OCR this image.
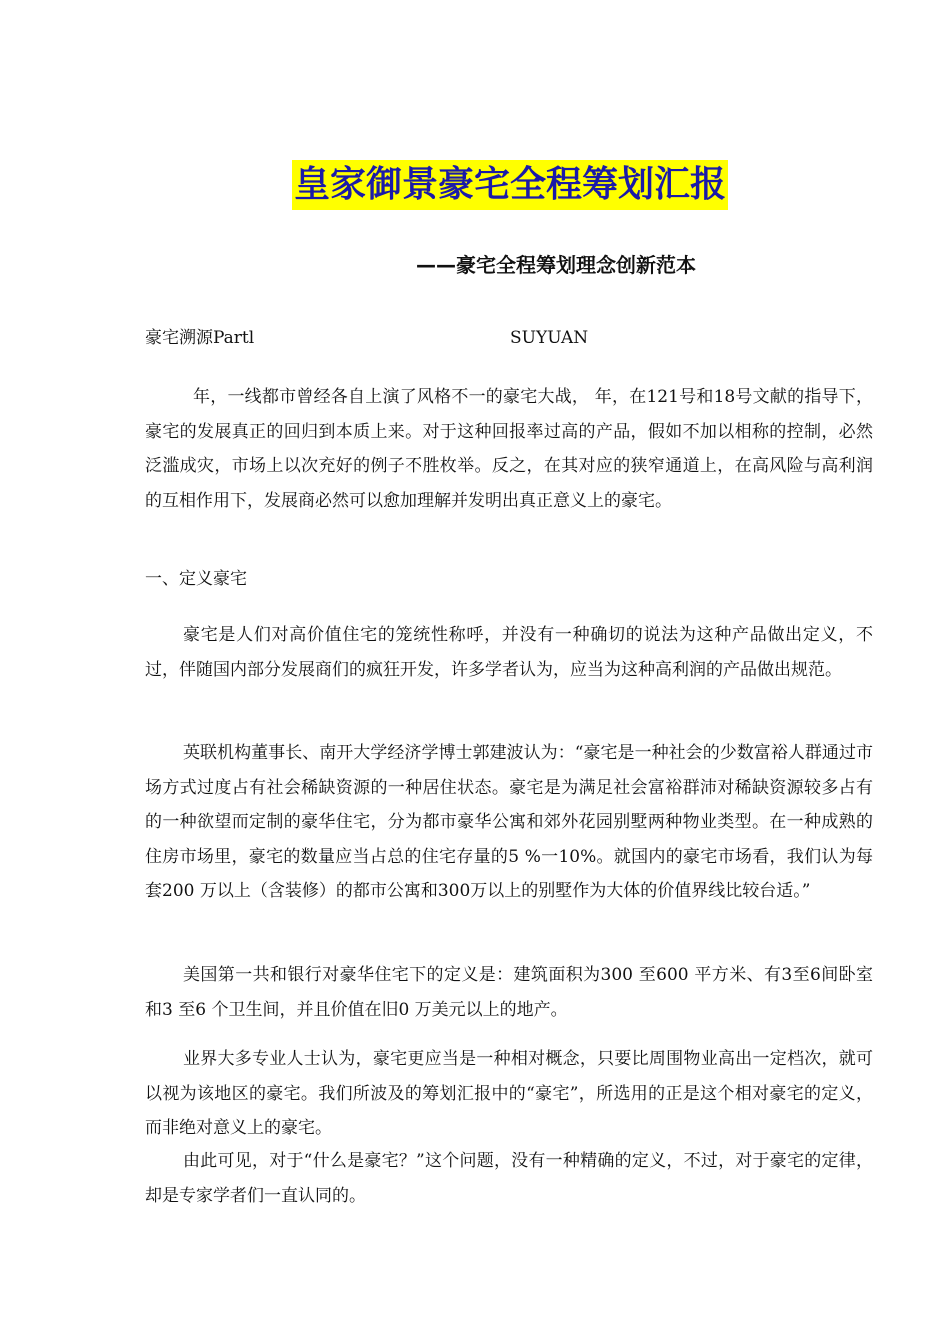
皇家御景豪宅全程筹划汇报
——豪宅全程筹划理念创新范本
豪宅溯源Partl	SUYUAN
年，一线都市曾经各自上演了风格不一的豪宅大战， 年，在121号和18号文献的指导下，豪宅的发展真正的回归到本质上来。对于这种回报率过高的产品，假如不加以相称的控制，必然泛滥成灾，市场上以次充好的例子不胜枚举。反之，在其对应的狭窄通道上，在高风险与高利润的互相作用下，发展商必然可以愈加理解并发明出真正意义上的豪宅。
一、定义豪宅
豪宅是人们对高价值住宅的笼统性称呼，并没有一种确切的说法为这种产品做出定义，不过，伴随国内部分发展商们的疯狂开发，许多学者认为，应当为这种高利润的产品做出规范。
英联机构董事长、南开大学经济学博士郭建波认为：“豪宅是一种社会的少数富裕人群通过市场方式过度占有社会稀缺资源的一种居住状态。豪宅是为满足社会富裕群沛对稀缺资源较多占有的一种欲望而定制的豪华住宅，分为都市豪华公寓和郊外花园别墅两种物业类型。在一种成熟的住房市场里，豪宅的数量应当占总的住宅存量的5 %一10%。就国内的豪宅市场看，我们认为每套200 万以上（含装修）的都市公寓和300万以上的别墅作为大体的价值界线比较台适。”
美国第一共和银行对豪华住宅下的定义是：建筑面积为300 至600 平方米、有3至6间卧室和3 至6 个卫生间，并且价值在旧0 万美元以上的地产。
业界大多专业人士认为，豪宅更应当是一种相对概念，只要比周围物业高出一定档次，就可以视为该地区的豪宅。我们所波及的筹划汇报中的“豪宅”，所选用的正是这个相对豪宅的定义，而非绝对意义上的豪宅。
由此可见，对于“什么是豪宅？”这个问题，没有一种精确的定义，不过，对于豪宅的定律，却是专家学者们一直认同的。
